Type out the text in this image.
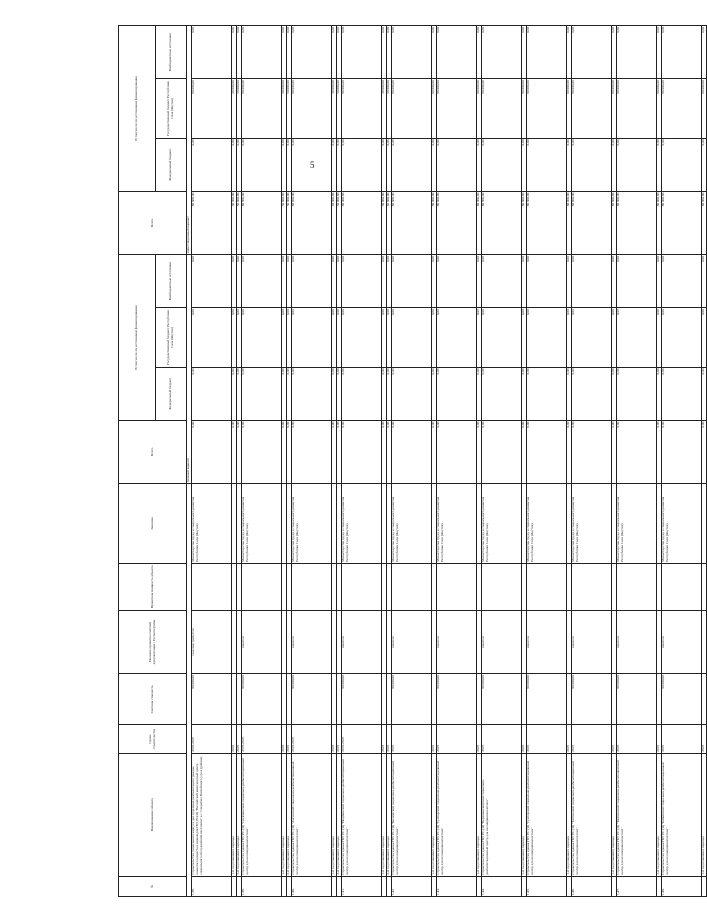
5
№	Наименование объекта	Сроки строительства	Сметная стоимость	Наличие проектно-сметной документации / Госэкспертизы	Проектная мощность объекта	Заказчик	Всего	В том числе по источникам финансирования			Всего	В том числе по источникам финансирования		
								Федеральный бюджет	Государственный бюджет Республики Саха (Якутия)	Внебюджетные источники		Федеральный бюджет	Государственный бюджет Республики Саха (Якутия)	Внебюджетные источники
							базовый вариант				инвестиционный вариант			
1.38.	Строительство социального корпуса для отделения реабилитации граждан пожилого возраста и инвалидов ГБУ РС(Я) "Вилюйский комплексный центр социального обслуживания населения" в с. Сыдыбыл Вилюйского улуса (района)	2018-2019	80 000,00	сельские требуется		Министерство труда и социального развития Республики Саха (Якутия)	0,00	0,00	0,00	0,00	80 000,00	0,00	80 000,00	0,00
	1-й год планового периода	2018					0,00	0,00	0,00	0,00	30 000,00	0,00	30 000,00	0,00
	2-й год планового периода	2019					0,00	0,00	0,00	0,00	50 000,00	0,00	50 000,00	0,00
1.39.	Строительство здания ГБУ РС (Я) "Олекминский социально-реабилитационный центр для несовершеннолетних"	2018-2019	80 000,00	имеется		Министерство труда и социального развития Республики Саха (Якутия)	0,00	0,00	0,00	0,00	80 000,00	0,00	80 000,00	0,00
	1-й год планового периода	2018					0,00	0,00	0,00	0,00	30 000,00	0,00	30 000,00	0,00
	2-й год планового периода	2019					0,00	0,00	0,00	0,00	50 000,00	0,00	50 000,00	0,00
1.40.	Строительство здания ГБУ РС (Я) "Амгинский социально-реабилитационный центр для несовершеннолетних"	2018-2019	80 000,00	имеется		Министерство труда и социального развития Республики Саха (Якутия)	0,00	0,00	0,00	0,00	80 000,00	0,00	80 000,00	0,00
	1-й год планового периода	2018					0,00	0,00	0,00	0,00	30 000,00	0,00	30 000,00	0,00
	2-й год планового периода	2019					0,00	0,00	0,00	0,00	50 000,00	0,00	50 000,00	0,00
1.41.	Строительство здания ГБУ РС (Я) "Нюрбинский социально-реабилитационный центр для несовершеннолетних"	2018-2019	80 000,00	имеется		Министерство труда и социального развития Республики Саха (Якутия)	0,00	0,00	0,00	0,00	80 000,00	0,00	80 000,00	0,00
	1-й год планового периода	2018					0,00	0,00	0,00	0,00	30 000,00	0,00	30 000,00	0,00
	2-й год планового периода	2019					0,00	0,00	0,00	0,00	50 000,00	0,00	50 000,00	0,00
1.42.	Строительство здания ГБУ РС (Я) "Вилюйский социально-реабилитационный центр для несовершеннолетних"	2019	80 000,00	имеется		Министерство труда и социального развития Республики Саха (Якутия)	0,00	0,00	0,00	0,00	80 000,00	0,00	80 000,00	0,00
	1-й год планового периода	2019					0,00	0,00	0,00	0,00	80 000,00	0,00	80 000,00	0,00
1.43.	Строительство здания ГБУ РС (Я) "Сунтарский социально-реабилитационный центр для несовершеннолетних"	2019	80 000,00	имеется		Министерство труда и социального развития Республики Саха (Якутия)	0,00	0,00	0,00	0,00	80 000,00	0,00	80 000,00	0,00
	1-й год планового периода	2019					0,00	0,00	0,00	0,00	80 000,00	0,00	80 000,00	0,00
1.44.	Строительство здания ГБУ РС (Я) "Верхневилюйский социально-реабилитационный центр для несовершеннолетних"	2019	80 000,00	имеется		Министерство труда и социального развития Республики Саха (Якутия)	0,00	0,00	0,00	0,00	80 000,00	0,00	80 000,00	0,00
	1-й год планового периода	2019					0,00	0,00	0,00	0,00	80 000,00	0,00	80 000,00	0,00
1.45.	Строительство здания ГБУ РС (Я) "Сунтарский социально-реабилитационный центр для несовершеннолетних"	2019	80 000,00	имеется		Министерство труда и социального развития Республики Саха (Якутия)	0,00	0,00	0,00	0,00	80 000,00	0,00	80 000,00	0,00
	1-й год планового периода	2019					0,00	0,00	0,00	0,00	80 000,00	0,00	80 000,00	0,00
1.46.	Строительство здания ГБУ РС (Я) "Таттинский социально-реабилитационный центр для несовершеннолетних"	2019	80 000,00	имеется		Министерство труда и социального развития Республики Саха (Якутия)	0,00	0,00	0,00	0,00	80 000,00	0,00	80 000,00	0,00
	1-й год планового периода	2019					0,00	0,00	0,00	0,00	80 000,00	0,00	80 000,00	0,00
1.47.	Строительство здания ГБУ РС (Я) "Томпонский социально-реабилитационный центр для несовершеннолетних"	2019	80 000,00	имеется		Министерство труда и социального развития Республики Саха (Якутия)	0,00	0,00	0,00	0,00	80 000,00	0,00	80 000,00	0,00
	1-й год планового периода	2019					0,00	0,00	0,00	0,00	80 000,00	0,00	80 000,00	0,00
1.48.	Строительство здания ГБУ РС (Я) "Кобяйский социально-реабилитационный центр для несовершеннолетних"	2019	80 000,00	имеется		Министерство труда и социального развития Республики Саха (Якутия)	0,00	0,00	0,00	0,00	80 000,00	0,00	80 000,00	0,00
	1-й год планового периода	2019					0,00	0,00	0,00	0,00	80 000,00	0,00	80 000,00	0,00
